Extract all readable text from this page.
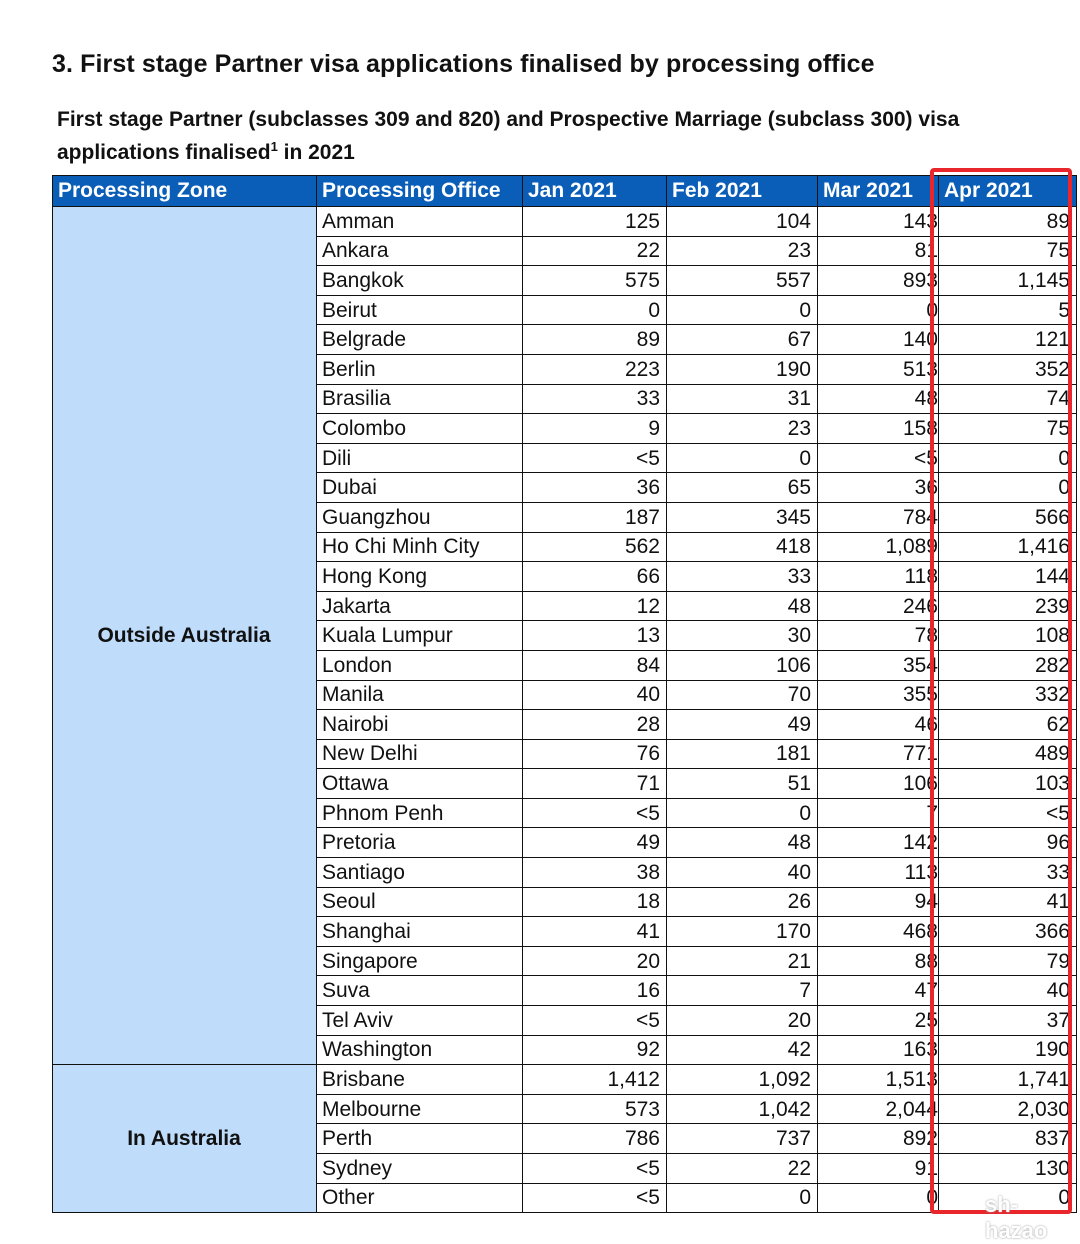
3. First stage Partner visa applications finalised by processing office
First stage Partner (subclasses 309 and 820) and Prospective Marriage (subclass 300) visa applications finalised$^1$ in 2021
Processing Zone	Processing Office	Jan 2021	Feb 2021	Mar 2021	Apr 2021
Outside Australia	Amman	125	104	143	89
	Ankara	22	23	81	75
	Bangkok	575	557	893	1,145
	Beirut	0	0	0	5
	Belgrade	89	67	140	121
	Berlin	223	190	513	352
	Brasilia	33	31	48	74
	Colombo	9	23	158	75
	Dili	<5	0	<5	0
	Dubai	36	65	36	0
	Guangzhou	187	345	784	566
	Ho Chi Minh City	562	418	1,089	1,416
	Hong Kong	66	33	118	144
	Jakarta	12	48	246	239
	Kuala Lumpur	13	30	78	108
	London	84	106	354	282
	Manila	40	70	355	332
	Nairobi	28	49	46	62
	New Delhi	76	181	771	489
	Ottawa	71	51	106	103
	Phnom Penh	<5	0	7	<5
	Pretoria	49	48	142	96
	Santiago	38	40	113	33
	Seoul	18	26	94	41
	Shanghai	41	170	468	366
	Singapore	20	21	88	79
	Suva	16	7	47	40
	Tel Aviv	<5	20	25	37
	Washington	92	42	163	190
In Australia	Brisbane	1,412	1,092	1,513	1,741
	Melbourne	573	1,042	2,044	2,030
	Perth	786	737	892	837
	Sydney	<5	22	91	130
	Other	<5	0	0	0
sh-hazao
